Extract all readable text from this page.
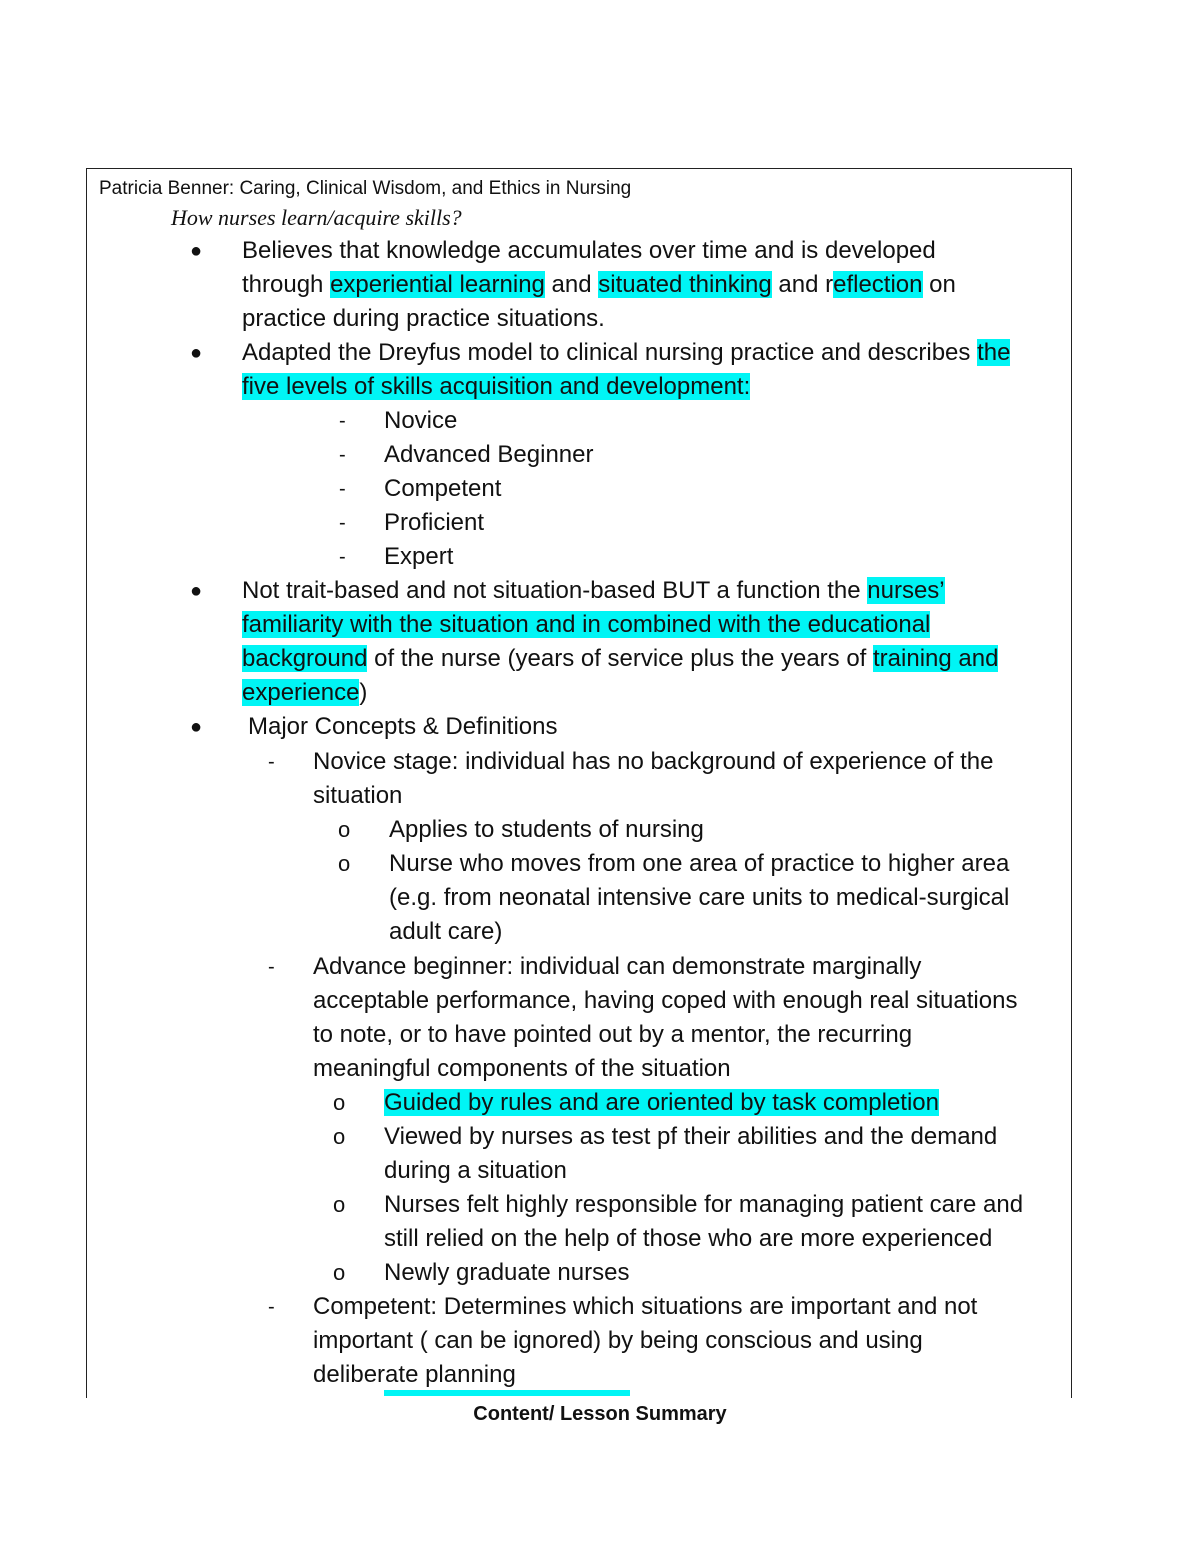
Patricia Benner: Caring, Clinical Wisdom, and Ethics in Nursing
How nurses learn/acquire skills?
● Believes that knowledge accumulates over time and is developed
through experiential learning and situated thinking and reflection on
practice during practice situations.
● Adapted the Dreyfus model to clinical nursing practice and describes the
five levels of skills acquisition and development:
- Novice
- Advanced Beginner
- Competent
- Proficient
- Expert
● Not trait-based and not situation-based BUT a function the nurses’
familiarity with the situation and in combined with the educational
background of the nurse (years of service plus the years of training and
experience)
● Major Concepts & Definitions
- Novice stage: individual has no background of experience of the
situation
o Applies to students of nursing
o Nurse who moves from one area of practice to higher area
(e.g. from neonatal intensive care units to medical-surgical
adult care)
- Advance beginner: individual can demonstrate marginally
acceptable performance, having coped with enough real situations
to note, or to have pointed out by a mentor, the recurring
meaningful components of the situation
o Guided by rules and are oriented by task completion
o Viewed by nurses as test pf their abilities and the demand
during a situation
o Nurses felt highly responsible for managing patient care and
still relied on the help of those who are more experienced
o Newly graduate nurses
- Competent: Determines which situations are important and not
important ( can be ignored) by being conscious and using
deliberate planning
Content/ Lesson Summary
